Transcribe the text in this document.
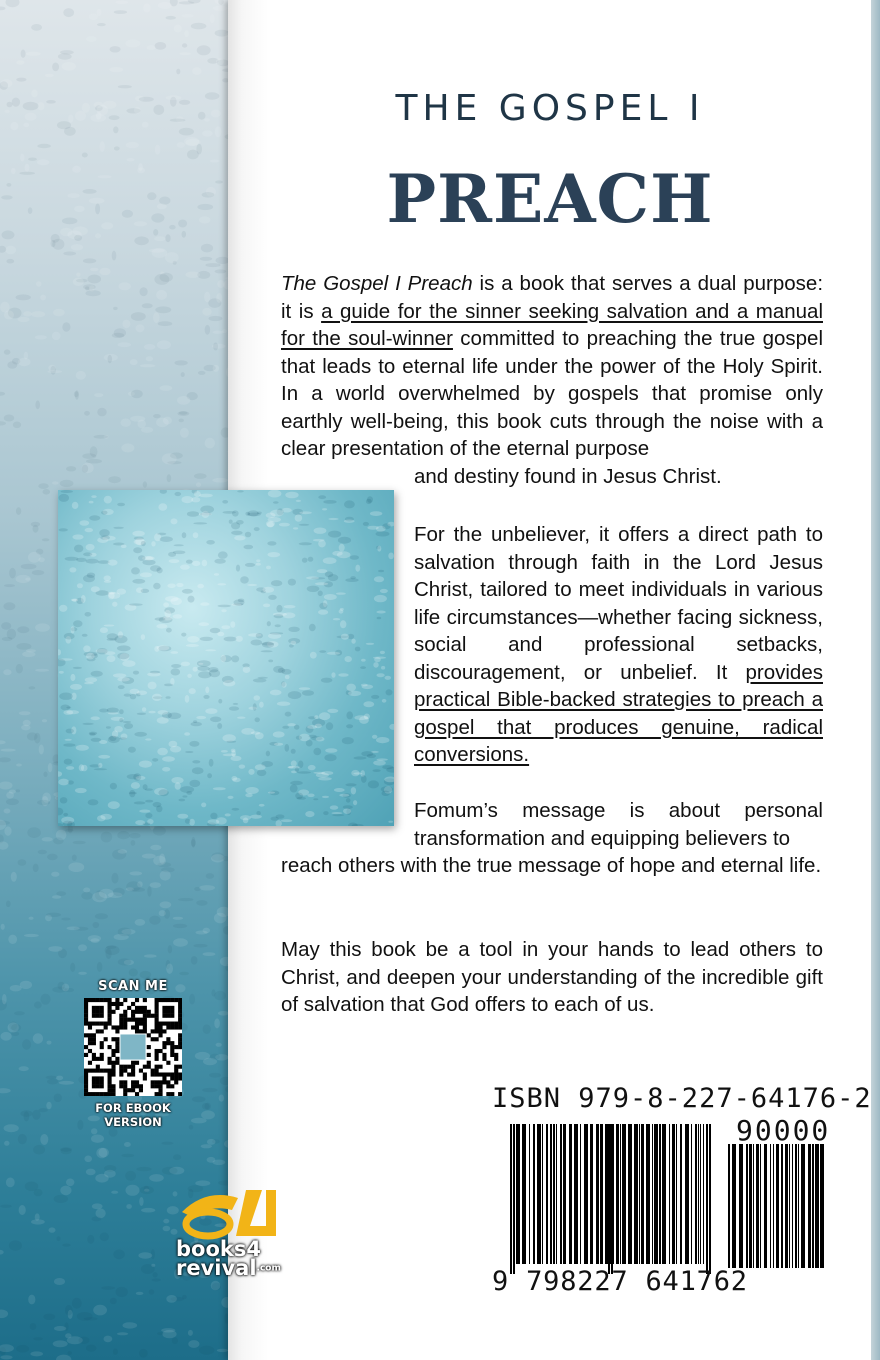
THE GOSPEL I
PREACH
The Gospel I Preach is a book that serves a dual purpose: it is a guide for the sinner seeking salvation and a manual for the soul-winner committed to preaching the true gospel that leads to eternal life under the power of the Holy Spirit. In a world overwhelmed by gospels that promise only earthly well-being, this book cuts through the noise with a clear presentation of the eternal purpose
and destiny found in Jesus Christ.
For the unbeliever, it offers a direct path to salvation through faith in the Lord Jesus Christ, tailored to meet individuals in various life circumstances—whether facing sickness, social and professional setbacks, discouragement, or unbelief. It provides practical Bible-backed strategies to preach a gospel that produces genuine, radical conversions.
Fomum’s message is about personal transformation and equipping believers to
reach others with the true message of hope and eternal life.
May this book be a tool in your hands to lead others to Christ, and deepen your understanding of the incredible gift of salvation that God offers to each of us.
SCAN ME
FOR EBOOK
VERSION
books4
revival.com
ISBN 979-8-227-64176-2
90000
9 798227 641762
